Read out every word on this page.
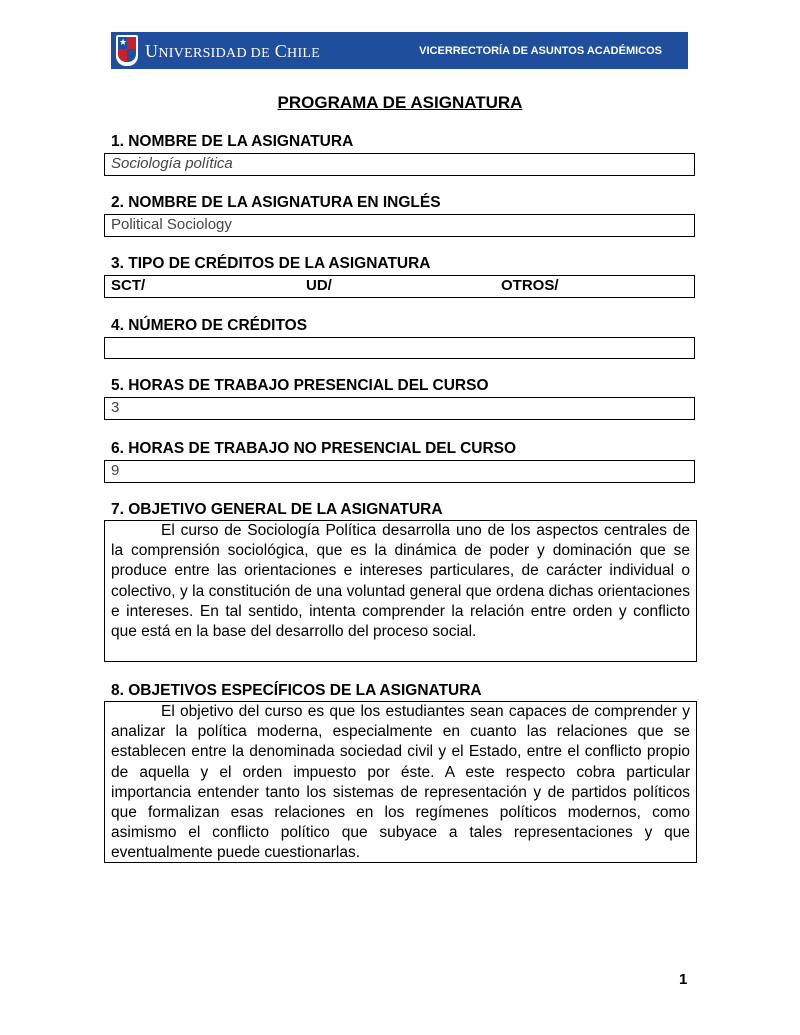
★ UNIVERSIDAD DE CHILE	VICERRECTORÍA DE ASUNTOS ACADÉMICOS
PROGRAMA DE ASIGNATURA
1. NOMBRE DE LA ASIGNATURA
Sociología política
2. NOMBRE DE LA ASIGNATURA EN INGLÉS
Political Sociology
3. TIPO DE CRÉDITOS DE LA ASIGNATURA
SCT/	UD/	OTROS/
4. NÚMERO DE CRÉDITOS
5. HORAS DE TRABAJO PRESENCIAL DEL CURSO
3
6. HORAS DE TRABAJO NO PRESENCIAL DEL CURSO
9
7. OBJETIVO GENERAL DE LA ASIGNATURA
El curso de Sociología Política desarrolla uno de los aspectos centrales de la comprensión sociológica, que es la dinámica de poder y dominación que se produce entre las orientaciones e intereses particulares, de carácter individual o colectivo, y la constitución de una voluntad general que ordena dichas orientaciones e intereses. En tal sentido, intenta comprender la relación entre orden y conflicto que está en la base del desarrollo del proceso social.
8. OBJETIVOS ESPECÍFICOS DE LA ASIGNATURA
El objetivo del curso es que los estudiantes sean capaces de comprender y analizar la política moderna, especialmente en cuanto las relaciones que se establecen entre la denominada sociedad civil y el Estado, entre el conflicto propio de aquella y el orden impuesto por éste. A este respecto cobra particular importancia entender tanto los sistemas de representación y de partidos políticos que formalizan esas relaciones en los regímenes políticos modernos, como asimismo el conflicto político que subyace a tales representaciones y que eventualmente puede cuestionarlas.
1
